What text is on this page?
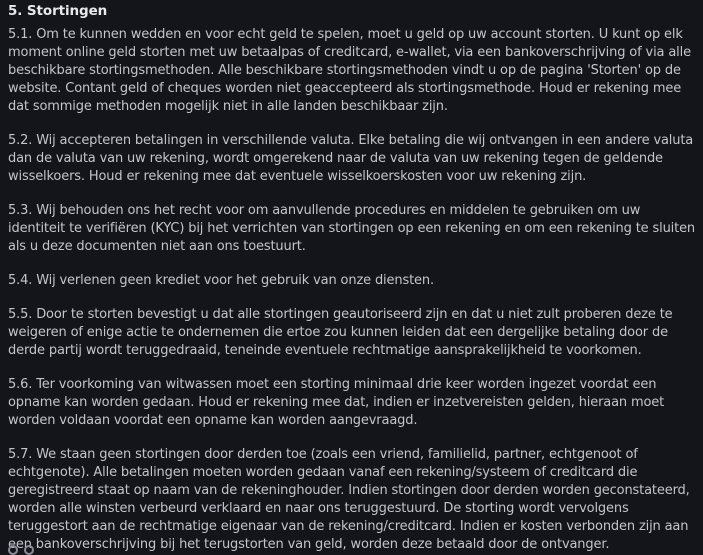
5. Stortingen

5.1. Om te kunnen wedden en voor echt geld te spelen, moet u geld op uw account storten. U kunt op elk moment online geld storten met uw betaalpas of creditcard, e-wallet, via een bankoverschrijving of via alle beschikbare stortingsmethoden. Alle beschikbare stortingsmethoden vindt u op de pagina 'Storten' op de website. Contant geld of cheques worden niet geaccepteerd als stortingsmethode. Houd er rekening mee dat sommige methoden mogelijk niet in alle landen beschikbaar zijn.

5.2. Wij accepteren betalingen in verschillende valuta. Elke betaling die wij ontvangen in een andere valuta dan de valuta van uw rekening, wordt omgerekend naar de valuta van uw rekening tegen de geldende wisselkoers. Houd er rekening mee dat eventuele wisselkoerskosten voor uw rekening zijn.

5.3. Wij behouden ons het recht voor om aanvullende procedures en middelen te gebruiken om uw identiteit te verifiëren (KYC) bij het verrichten van stortingen op een rekening en om een rekening te sluiten als u deze documenten niet aan ons toestuurt.

5.4. Wij verlenen geen krediet voor het gebruik van onze diensten.

5.5. Door te storten bevestigt u dat alle stortingen geautoriseerd zijn en dat u niet zult proberen deze te weigeren of enige actie te ondernemen die ertoe zou kunnen leiden dat een dergelijke betaling door de derde partij wordt teruggedraaid, teneinde eventuele rechtmatige aansprakelijkheid te voorkomen.

5.6. Ter voorkoming van witwassen moet een storting minimaal drie keer worden ingezet voordat een opname kan worden gedaan. Houd er rekening mee dat, indien er inzetvereisten gelden, hieraan moet worden voldaan voordat een opname kan worden aangevraagd.

5.7. We staan geen stortingen door derden toe (zoals een vriend, familielid, partner, echtgenoot of echtgenote). Alle betalingen moeten worden gedaan vanaf een rekening/systeem of creditcard die geregistreerd staat op naam van de rekeninghouder. Indien stortingen door derden worden geconstateerd, worden alle winsten verbeurd verklaard en naar ons teruggestuurd. De storting wordt vervolgens teruggestort aan de rechtmatige eigenaar van de rekening/creditcard. Indien er kosten verbonden zijn aan een bankoverschrijving bij het terugstorten van geld, worden deze betaald door de ontvanger.
